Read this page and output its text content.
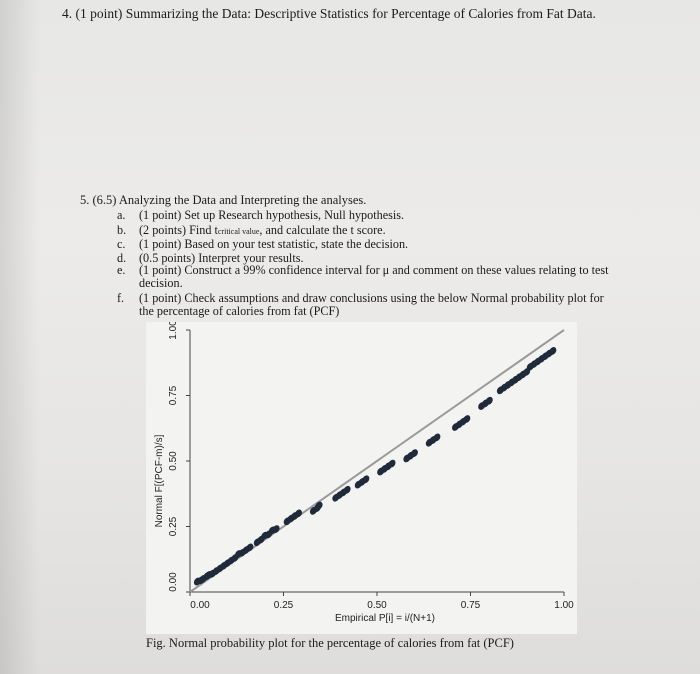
4. (1 point) Summarizing the Data: Descriptive Statistics for Percentage of Calories from Fat Data.
5. (6.5) Analyzing the Data and Interpreting the analyses.
a. (1 point) Set up Research hypothesis, Null hypothesis.
b. (2 points) Find tcritical value, and calculate the t score.
c. (1 point) Based on your test statistic, state the decision.
d. (0.5 points) Interpret your results.
e. (1 point) Construct a 99% confidence interval for μ and comment on these values relating to test
decision.
f. (1 point) Check assumptions and draw conclusions using the below Normal probability plot for
the percentage of calories from fat (PCF)
0.00	0.25	0.50	0.75	1.00
0.00
0.25
0.50
0.75
1.00
Empirical P[i] = i/(N+1)
Normal F[(PCF-m)/s]
Fig. Normal probability plot for the percentage of calories from fat (PCF)
